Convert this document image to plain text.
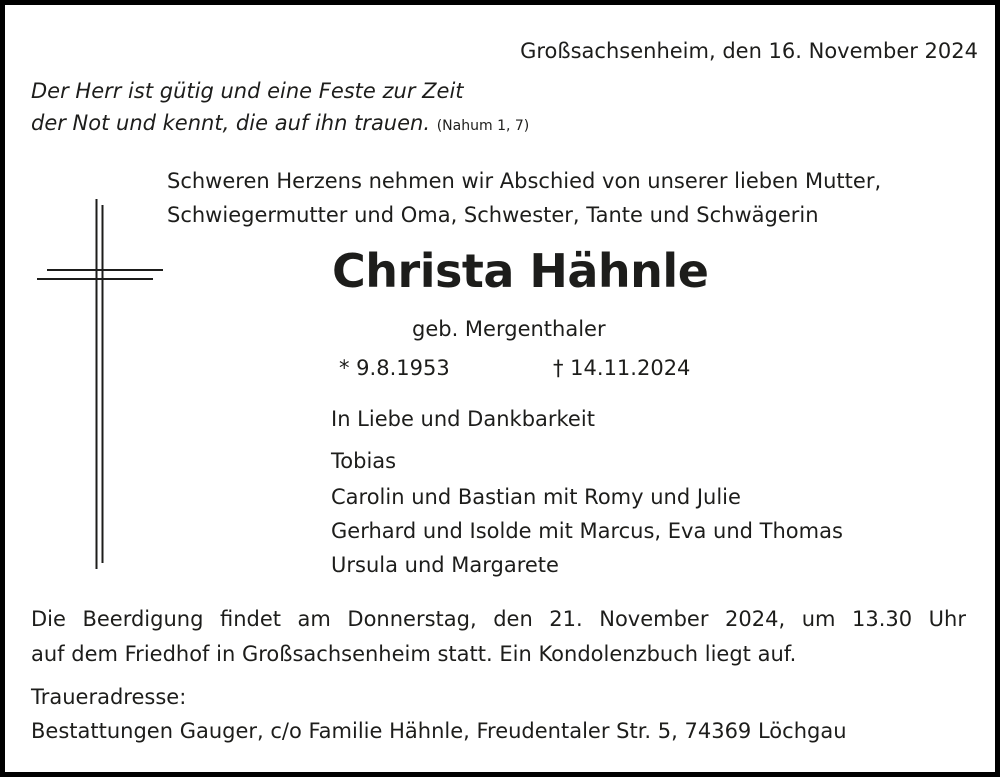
Großsachsenheim, den 16. November 2024
Der Herr ist gütig und eine Feste zur Zeit
der Not und kennt, die auf ihn trauen. (Nahum 1, 7)
Schweren Herzens nehmen wir Abschied von unserer lieben Mutter,
Schwiegermutter und Oma, Schwester, Tante und Schwägerin
Christa Hähnle
geb. Mergenthaler
* 9.8.1953	† 14.11.2024
In Liebe und Dankbarkeit
Tobias
Carolin und Bastian mit Romy und Julie
Gerhard und Isolde mit Marcus, Eva und Thomas
Ursula und Margarete
Die Beerdigung findet am Donnerstag, den 21. November 2024, um 13.30 Uhr
auf dem Friedhof in Großsachsenheim statt. Ein Kondolenzbuch liegt auf.
Traueradresse:
Bestattungen Gauger, c/o Familie Hähnle, Freudentaler Str. 5, 74369 Löchgau
